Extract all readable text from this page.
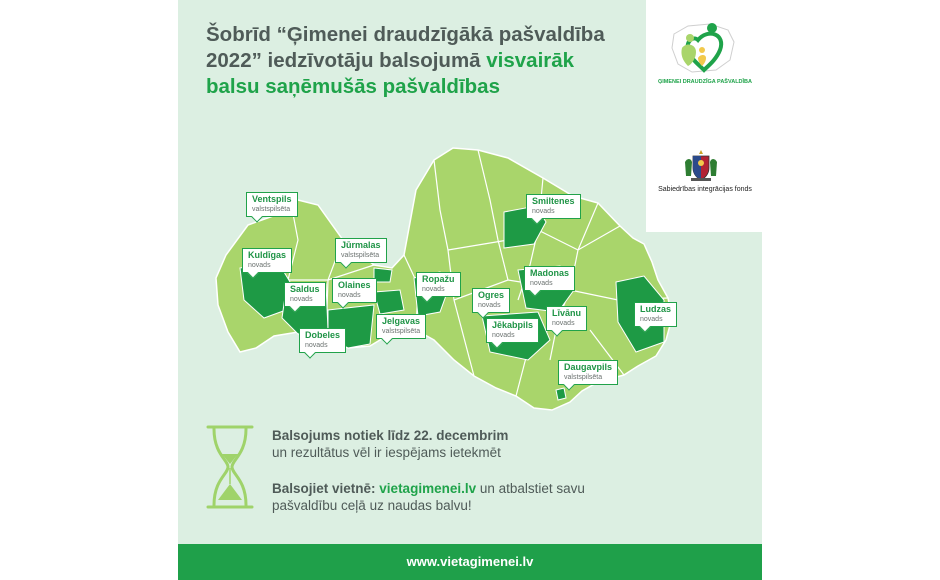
Šobrīd “Ģimenei draudzīgākā pašvaldība 2022” iedzīvotāju balsojumā visvairāk balsu saņēmušās pašvaldības
Ventspils
valstspilsēta
Kuldīgas
novads
Jūrmalas
valstspilsēta
Saldus
novads
Olaines
novads
Dobeles
novads
Jelgavas
valstspilsēta
Ropažu
novads
Smiltenes
novads
Madonas
novads
Ogres
novads
Līvānu
novads
Jēkabpils
novads
Ludzas
novads
Daugavpils
valstspilsēta
Balsojums notiek līdz 22. decembrim
un rezultātus vēl ir iespējams ietekmēt
Balsojiet vietnē: vietagimenei.lv un atbalstiet savu pašvaldību ceļā uz naudas balvu!
www.vietagimenei.lv
ĢIMENEI DRAUDZĪGA PAŠVALDĪBA
Sabiedrības integrācijas fonds
